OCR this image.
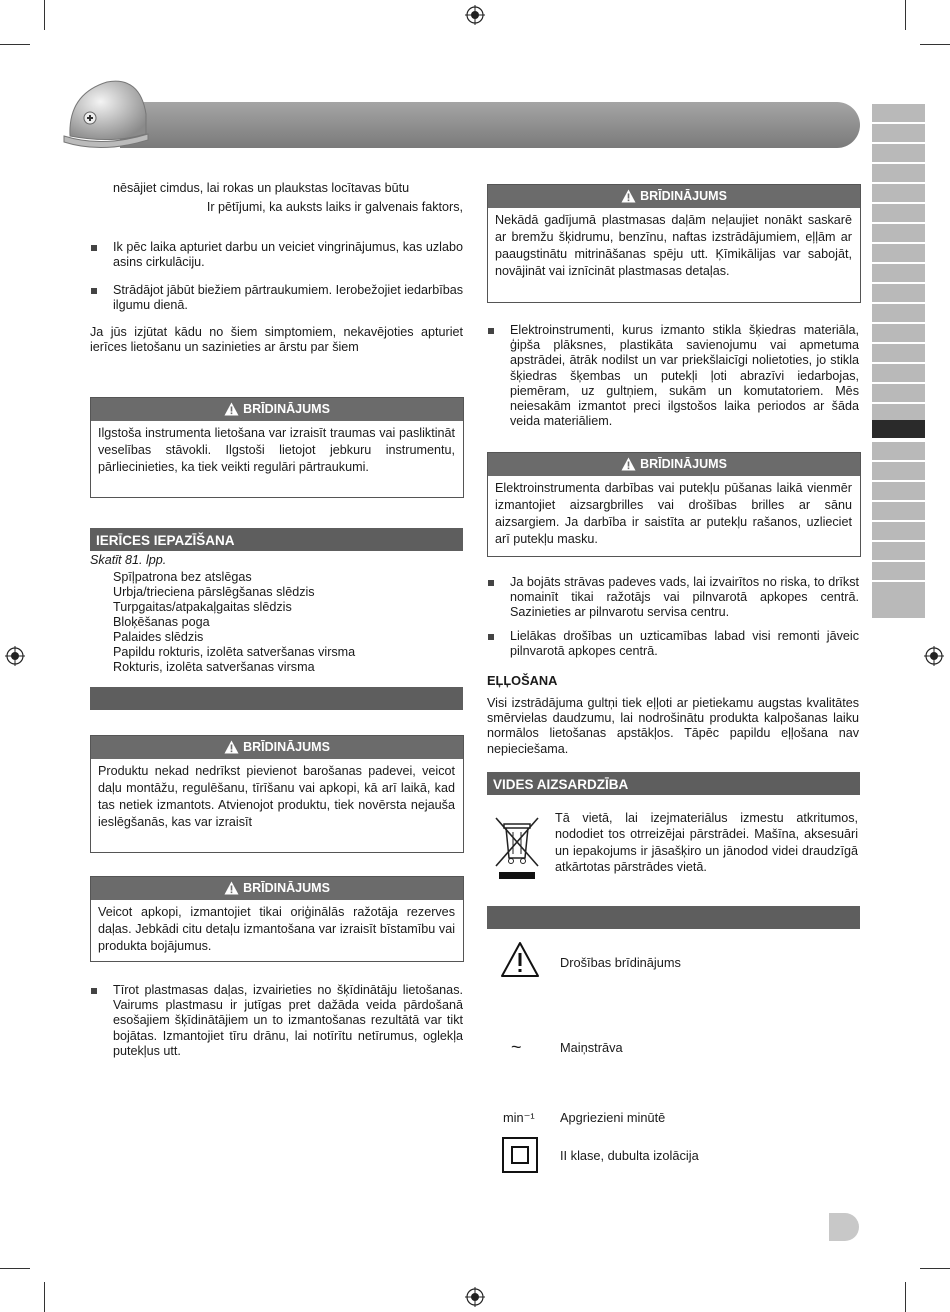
nēsājiet cimdus, lai rokas un plaukstas locītavas būtu
Ir pētījumi, ka auksts laiks ir galvenais faktors,
Ik pēc laika apturiet darbu un veiciet vingrinājumus, kas uzlabo asins cirkulāciju.
Strādājot jābūt biežiem pārtraukumiem. Ierobežojiet iedarbības ilgumu dienā.
Ja jūs izjūtat kādu no šiem simptomiem, nekavējoties apturiet ierīces lietošanu un sazinieties ar ārstu par šiem
BRĪDINĀJUMS
Ilgstoša instrumenta lietošana var izraisīt traumas vai pasliktināt veselības stāvokli. Ilgstoši lietojot jebkuru instrumentu, pārliecinieties, ka tiek veikti regulāri pārtraukumi.
IERĪCES IEPAZĪŠANA
Skatīt 81. lpp.
Spīļpatrona bez atslēgas
Urbja/trieciena pārslēgšanas slēdzis
Turpgaitas/atpakaļgaitas slēdzis
Bloķēšanas poga
Palaides slēdzis
Papildu rokturis, izolēta satveršanas virsma
Rokturis, izolēta satveršanas virsma
BRĪDINĀJUMS
Produktu nekad nedrīkst pievienot barošanas padevei, veicot daļu montāžu, regulēšanu, tīrīšanu vai apkopi, kā arī laikā, kad tas netiek izmantots. Atvienojot produktu, tiek novērsta nejauša ieslēgšanās, kas var izraisīt
BRĪDINĀJUMS
Veicot apkopi, izmantojiet tikai oriģinālās ražotāja rezerves daļas. Jebkādi citu detaļu izmantošana var izraisīt bīstamību vai produkta bojājumus.
Tīrot plastmasas daļas, izvairieties no šķīdinātāju lietošanas. Vairums plastmasu ir jutīgas pret dažāda veida pārdošanā esošajiem šķīdinātājiem un to izmantošanas rezultātā var tikt bojātas. Izmantojiet tīru drānu, lai notīrītu netīrumus, oglekļa putekļus utt.
BRĪDINĀJUMS
Nekādā gadījumā plastmasas daļām neļaujiet nonākt saskarē ar bremžu šķidrumu, benzīnu, naftas izstrādājumiem, eļļām ar paaugstinātu mitrināšanas spēju utt. Ķīmikālijas var sabojāt, novājināt vai iznīcināt plastmasas detaļas.
Elektroinstrumenti, kurus izmanto stikla šķiedras materiāla, ģipša plāksnes, plastikāta savienojumu vai apmetuma apstrādei, ātrāk nodilst un var priekšlaicīgi nolietoties, jo stikla šķiedras šķembas un putekļi ļoti abrazīvi iedarbojas, piemēram, uz gultņiem, sukām un komutatoriem. Mēs neiesakām izmantot preci ilgstošos laika periodos ar šāda veida materiāliem.
BRĪDINĀJUMS
Elektroinstrumenta darbības vai putekļu pūšanas laikā vienmēr izmantojiet aizsargbrilles vai drošības brilles ar sānu aizsargiem. Ja darbība ir saistīta ar putekļu rašanos, uzlieciet arī putekļu masku.
Ja bojāts strāvas padeves vads, lai izvairītos no riska, to drīkst nomainīt tikai ražotājs vai pilnvarotā apkopes centrā. Sazinieties ar pilnvarotu servisa centru.
Lielākas drošības un uzticamības labad visi remonti jāveic pilnvarotā apkopes centrā.
EĻĻOŠANA
Visi izstrādājuma gultņi tiek eļļoti ar pietiekamu augstas kvalitātes smērvielas daudzumu, lai nodrošinātu produkta kalpošanas laiku normālos lietošanas apstākļos. Tāpēc papildu eļļošana nav nepieciešama.
VIDES AIZSARDZĪBA
Tā vietā, lai izejmateriālus izmestu atkritumos, nododiet tos otrreizējai pārstrādei. Mašīna, aksesuāri un iepakojums ir jāsašķiro un jānodod videi draudzīgā atkārtotas pārstrādes vietā.
Drošības brīdinājums
~	Maiņstrāva
min⁻¹ Apgriezieni minūtē
II klase, dubulta izolācija
